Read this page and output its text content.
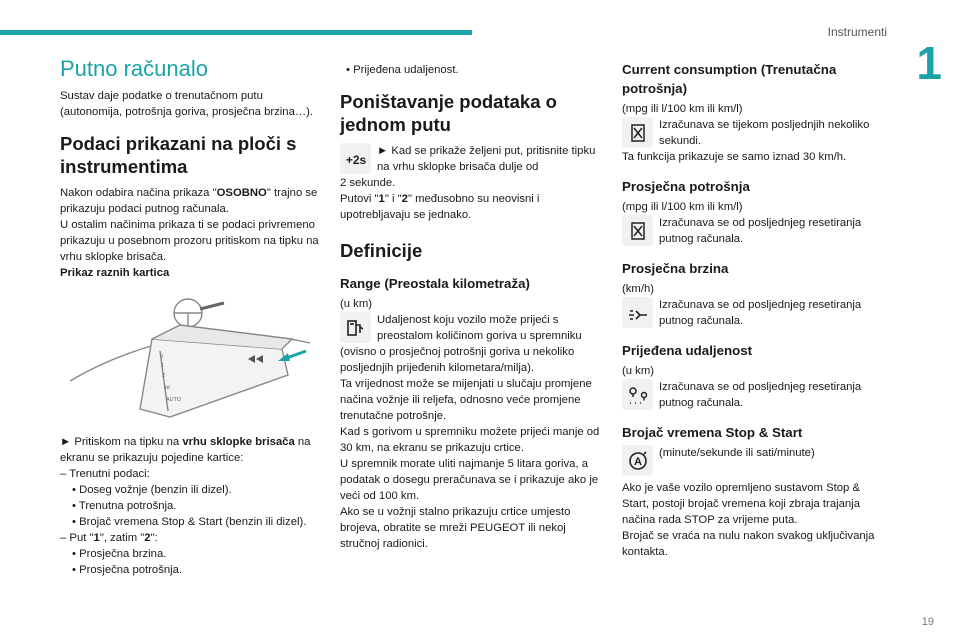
Instrumenti
1
19
Putno računalo

Sustav daje podatke o trenutačnom putu (autonomija, potrošnja goriva, prosječna brzina…).

Podaci prikazani na ploči s instrumentima

Nakon odabira načina prikaza "OSOBNO" trajno se prikazuju podaci putnog računala.

U ostalim načinima prikaza ti se podaci privremeno prikazuju u posebnom prozoru pritiskom na tipku na vrhu sklopke brisača.

Prikaz raznih kartica

AUTO
int
2
1
0

► Pritiskom na tipku na vrhu sklopke brisača na ekranu se prikazuju pojedine kartice:

– Trenutni podaci:

• Doseg vožnje (benzin ili dizel).

• Trenutna potrošnja.

• Brojač vremena Stop & Start (benzin ili dizel).

– Put "1", zatim "2":

• Prosječna brzina.

• Prosječna potrošnja.

• Prijeđena udaljenost.

Poništavanje podataka o jednom putu
+2s

► Kad se prikaže željeni put, pritisnite tipku na vrhu sklopke brisača dulje od

2 sekunde.

Putovi "1" i "2" međusobno su neovisni i upotrebljavaju se jednako.

Definicije
Range (Preostala kilometraža)

(u km)

Udaljenost koju vozilo može prijeći s preostalom količinom goriva u spremniku

(ovisno o prosječnoj potrošnji goriva u nekoliko posljednjih prijeđenih kilometara/milja).

Ta vrijednost može se mijenjati u slučaju promjene načina vožnje ili reljefa, odnosno veće promjene trenutačne potrošnje.

Kad s gorivom u spremniku možete prijeći manje od 30 km, na ekranu se prikazuju crtice.

U spremnik morate uliti najmanje 5 litara goriva, a podatak o dosegu preračunava se i prikazuje ako je veći od 100 km.

Ako se u vožnji stalno prikazuju crtice umjesto brojeva, obratite se mreži PEUGEOT ili nekoj stručnoj radionici.

Current consumption (Trenutačna potrošnja)

(mpg ili l/100 km ili km/l)

Izračunava se tijekom posljednjih nekoliko sekundi.

Ta funkcija prikazuje se samo iznad 30 km/h.

Prosječna potrošnja

(mpg ili l/100 km ili km/l)

Izračunava se od posljednjeg resetiranja putnog računala.

Prosječna brzina

(km/h)

Izračunava se od posljednjeg resetiranja putnog računala.

Prijeđena udaljenost

(u km)

Izračunava se od posljednjeg resetiranja putnog računala.

Brojač vremena Stop & Start
A

(minute/sekunde ili sati/minute)

Ako je vaše vozilo opremljeno sustavom Stop & Start, postoji brojač vremena koji zbraja trajanja načina rada STOP za vrijeme puta.

Brojač se vraća na nulu nakon svakog uključivanja kontakta.
